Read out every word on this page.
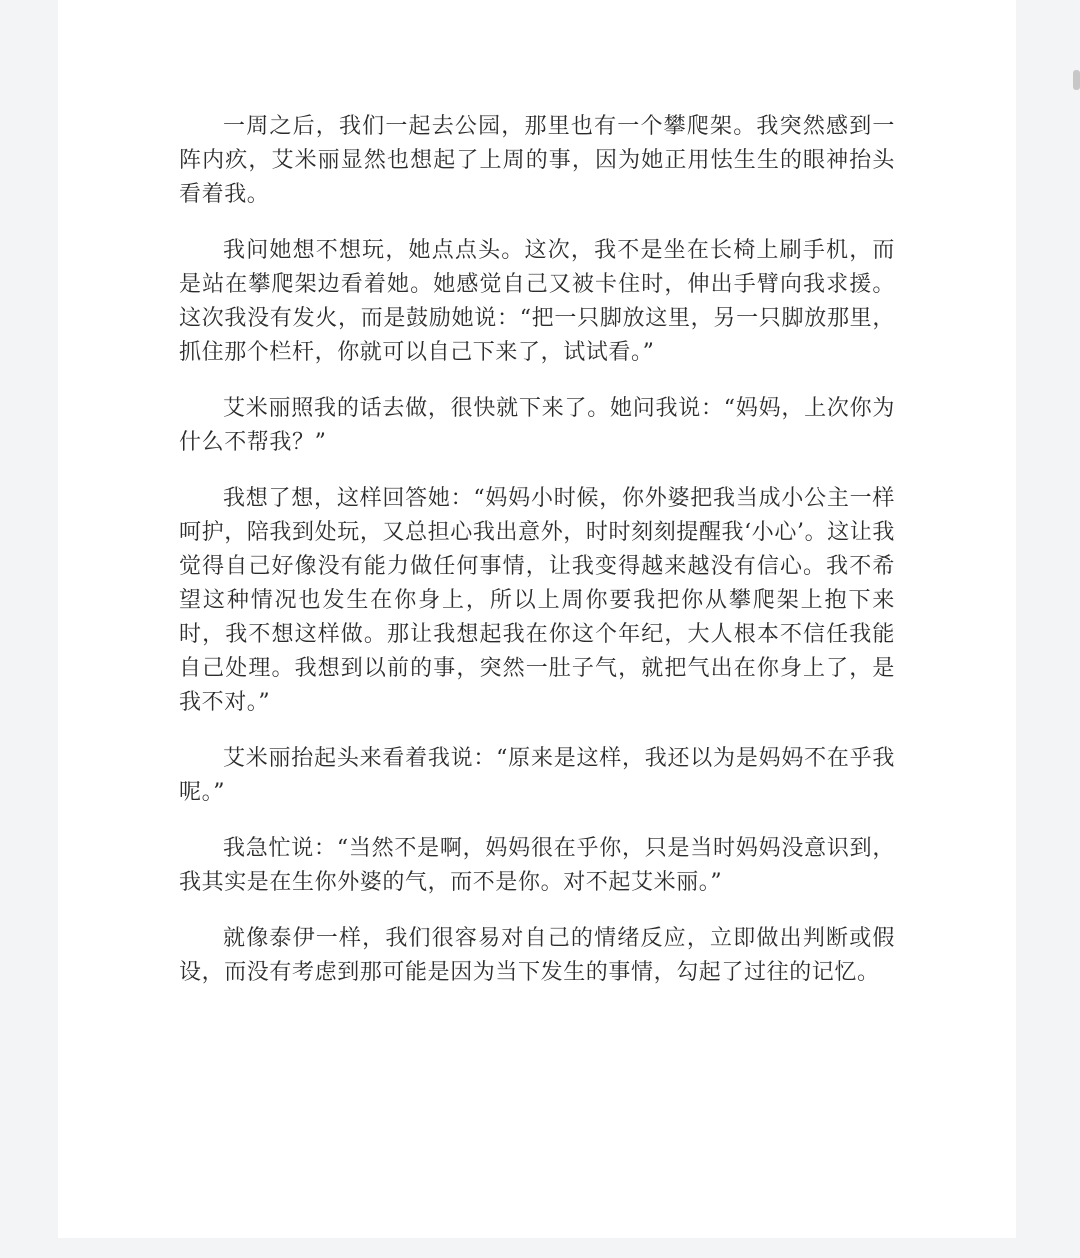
一周之后，我们一起去公园，那里也有一个攀爬架。我突然感到一阵内疚，艾米丽显然也想起了上周的事，因为她正用怯生生的眼神抬头看着我。

我问她想不想玩，她点点头。这次，我不是坐在长椅上刷手机，而是站在攀爬架边看着她。她感觉自己又被卡住时，伸出手臂向我求援。这次我没有发火，而是鼓励她说：“把一只脚放这里，另一只脚放那里，抓住那个栏杆，你就可以自己下来了，试试看。”

艾米丽照我的话去做，很快就下来了。她问我说：“妈妈，上次你为什么不帮我？”

我想了想，这样回答她：“妈妈小时候，你外婆把我当成小公主一样呵护，陪我到处玩，又总担心我出意外，时时刻刻提醒我‘小心’。这让我觉得自己好像没有能力做任何事情，让我变得越来越没有信心。我不希望这种情况也发生在你身上，所以上周你要我把你从攀爬架上抱下来时，我不想这样做。那让我想起我在你这个年纪，大人根本不信任我能自己处理。我想到以前的事，突然一肚子气，就把气出在你身上了，是我不对。”

艾米丽抬起头来看着我说：“原来是这样，我还以为是妈妈不在乎我呢。”

我急忙说：“当然不是啊，妈妈很在乎你，只是当时妈妈没意识到，我其实是在生你外婆的气，而不是你。对不起艾米丽。”

就像泰伊一样，我们很容易对自己的情绪反应，立即做出判断或假设，而没有考虑到那可能是因为当下发生的事情，勾起了过往的记忆。
